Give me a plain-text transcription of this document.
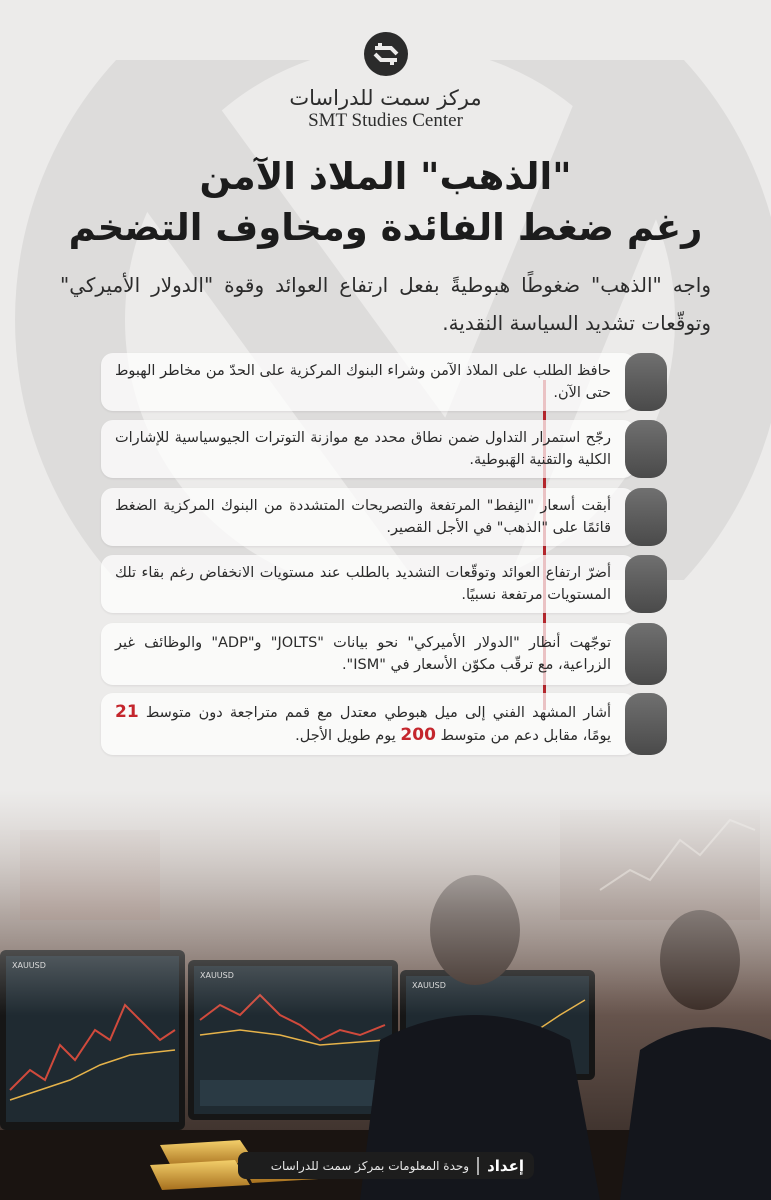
مركز سمت للدراسات
SMT Studies Center
"الذهب" الملاذ الآمن
رغم ضغط الفائدة ومخاوف التضخم
واجه "الذهب" ضغوطًا هبوطيةً بفعل ارتفاع العوائد وقوة "الدولار الأميركي" وتوقّعات تشديد السياسة النقدية.
حافظ الطلب على الملاذ الآمن وشراء البنوك المركزية على الحدّ من مخاطر الهبوط حتى الآن.
رجّح استمرار التداول ضمن نطاق محدد مع موازنة التوترات الجيوسياسية للإشارات الكلية والتقنية الهَبوطية.
أبقت أسعار "النِفط" المرتفعة والتصريحات المتشددة من البنوك المركزية الضغط قائمًا على "الذهب" في الأجل القصير.
أضرّ ارتفاع العوائد وتوقّعات التشديد بالطلب عند مستويات الانخفاض رغم بقاء تلك المستويات مرتفعة نسبيًا.
توجّهت أنظار "الدولار الأميركي" نحو بيانات "JOLTS" و"ADP" والوظائف غير الزراعية، مع ترقّب مكوّن الأسعار في "ISM".
أشار المشهد الفني إلى ميل هبوطي معتدل مع قمم متراجعة دون متوسط 21 يومًا، مقابل دعم من متوسط 200 يوم طويل الأجل.
إعداد
وحدة المعلومات بمركز سمت للدراسات
